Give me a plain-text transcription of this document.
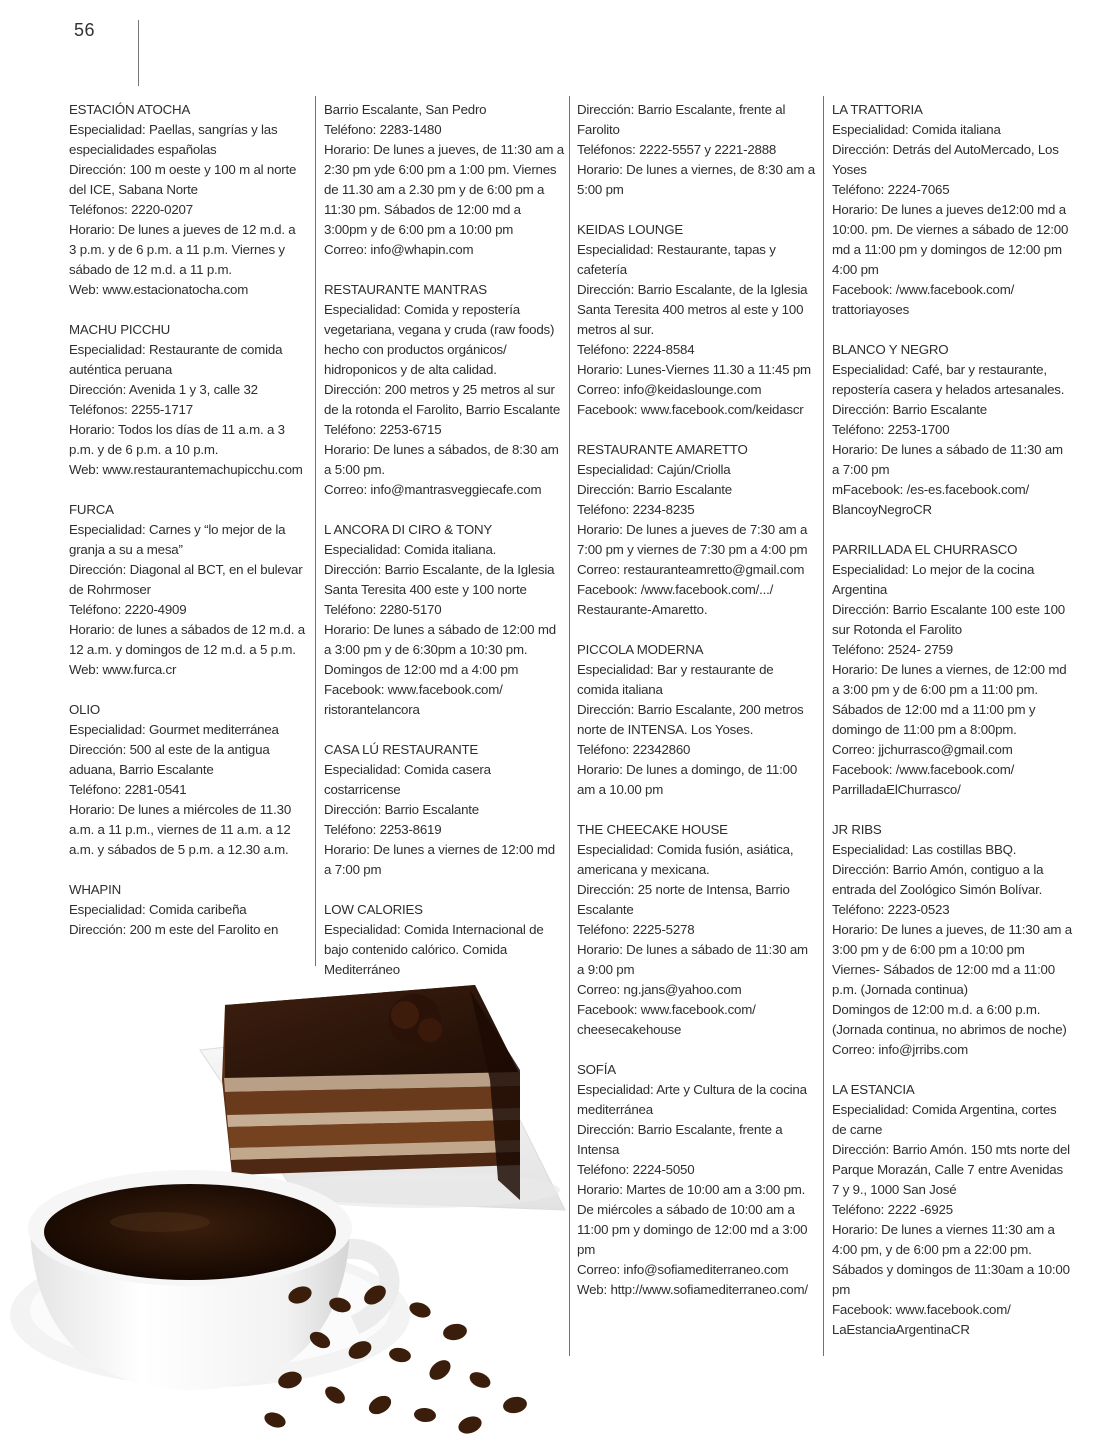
56
ESTACIÓN ATOCHA
Especialidad: Paellas, sangrías y las especialidades españolas
Dirección: 100 m oeste y 100 m al norte del ICE, Sabana Norte
Teléfonos: 2220-0207
Horario: De lunes a jueves de 12 m.d. a 3 p.m. y de 6 p.m. a 11 p.m. Viernes y sábado de 12 m.d. a 11 p.m.
Web: www.estacionatocha.com
MACHU PICCHU
Especialidad: Restaurante de comida auténtica peruana
Dirección: Avenida 1 y 3, calle 32
Teléfonos: 2255-1717
Horario: Todos los días de 11 a.m. a 3 p.m. y de 6 p.m. a 10 p.m.
Web: www.restaurantemachupicchu.com
FURCA
Especialidad: Carnes y “lo mejor de la granja a su a mesa”
Dirección: Diagonal al BCT, en el bulevar de Rohrmoser
Teléfono: 2220-4909
Horario: de lunes a sábados de 12 m.d. a 12 a.m. y domingos de 12 m.d. a 5 p.m.
Web: www.furca.cr
OLIO
Especialidad: Gourmet mediterránea
Dirección: 500 al este de la antigua aduana, Barrio Escalante
Teléfono: 2281-0541
Horario: De lunes a miércoles de 11.30 a.m. a 11 p.m., viernes de 11 a.m. a 12 a.m. y sábados de 5 p.m. a 12.30 a.m.
WHAPIN
Especialidad: Comida caribeña
Dirección: 200 m este del Farolito en
Barrio Escalante, San Pedro
Teléfono: 2283-1480
Horario: De lunes a jueves, de 11:30 am a 2:30 pm yde 6:00 pm a 1:00 pm. Viernes de 11.30 am a 2.30 pm y de 6:00 pm a 11:30 pm. Sábados de 12:00 md a 3:00pm y de 6:00 pm a 10:00 pm
Correo: info@whapin.com
RESTAURANTE MANTRAS
Especialidad: Comida y repostería vegetariana, vegana y cruda (raw foods) hecho con productos orgánicos/ hidroponicos y de alta calidad.
Dirección: 200 metros y 25 metros al sur de la rotonda el Farolito, Barrio Escalante
Teléfono: 2253-6715
Horario: De lunes a sábados, de 8:30 am a 5:00 pm.
Correo: info@mantrasveggiecafe.com
L ANCORA DI CIRO & TONY
Especialidad: Comida italiana.
Dirección: Barrio Escalante, de la Iglesia Santa Teresita 400 este y 100 norte
Teléfono: 2280-5170
Horario: De lunes a sábado de 12:00 md a 3:00 pm y de 6:30pm a 10:30 pm. Domingos de 12:00 md a 4:00 pm
Facebook: www.facebook.com/ ristorantelancora
CASA LÚ RESTAURANTE
Especialidad: Comida casera costarricense
Dirección: Barrio Escalante
Teléfono: 2253-8619
Horario: De lunes a viernes de 12:00 md a 7:00 pm
LOW CALORIES
Especialidad: Comida Internacional de bajo contenido calórico. Comida Mediterráneo
Dirección: Barrio Escalante, frente al Farolito
Teléfonos: 2222-5557 y 2221-2888
Horario: De lunes a viernes, de 8:30 am a 5:00 pm
KEIDAS LOUNGE
Especialidad: Restaurante, tapas y cafetería
Dirección: Barrio Escalante, de la Iglesia Santa Teresita 400 metros al este y 100 metros al sur.
Teléfono: 2224-8584
Horario: Lunes-Viernes 11.30 a 11:45 pm
Correo: info@keidaslounge.com
Facebook: www.facebook.com/keidascr
RESTAURANTE AMARETTO
Especialidad: Cajún/Criolla
Dirección: Barrio Escalante
Teléfono: 2234-8235
Horario: De lunes a jueves de 7:30 am a 7:00 pm y viernes de 7:30 pm a 4:00 pm
Correo: restauranteamretto@gmail.com
Facebook: /www.facebook.com/.../ Restaurante-Amaretto.
PICCOLA MODERNA
Especialidad: Bar y restaurante de comida italiana
Dirección: Barrio Escalante, 200 metros norte de INTENSA. Los Yoses.
Teléfono: 22342860
Horario: De lunes a domingo, de 11:00 am a 10.00 pm
THE CHEECAKE HOUSE
Especialidad: Comida fusión, asiática, americana y mexicana.
Dirección: 25 norte de Intensa, Barrio Escalante
Teléfono: 2225-5278
Horario: De lunes a sábado de 11:30 am a 9:00 pm
Correo: ng.jans@yahoo.com
Facebook: www.facebook.com/ cheesecakehouse
SOFÍA
Especialidad: Arte y Cultura de la cocina mediterránea
Dirección: Barrio Escalante, frente a Intensa
Teléfono: 2224-5050
Horario: Martes de 10:00 am a 3:00 pm. De miércoles a sábado de 10:00 am a 11:00 pm y domingo de 12:00 md a 3:00 pm
Correo: info@sofiamediterraneo.com
Web: http://www.sofiamediterraneo.com/
LA TRATTORIA
Especialidad: Comida italiana
Dirección: Detrás del AutoMercado, Los Yoses
Teléfono: 2224-7065
Horario: De lunes a jueves de12:00 md a 10:00. pm. De viernes a sábado de 12:00 md a 11:00 pm y domingos de 12:00 pm 4:00 pm
Facebook: /www.facebook.com/ trattoriayoses
BLANCO Y NEGRO
Especialidad: Café, bar y restaurante, repostería casera y helados artesanales.
Dirección: Barrio Escalante
Teléfono: 2253-1700
Horario: De lunes a sábado de 11:30 am a 7:00 pm
mFacebook: /es-es.facebook.com/ BlancoyNegroCR
PARRILLADA EL CHURRASCO
Especialidad: Lo mejor de la cocina Argentina
Dirección: Barrio Escalante 100 este 100 sur Rotonda el Farolito
Teléfono: 2524- 2759
Horario: De lunes a viernes, de 12:00 md a 3:00 pm y de 6:00 pm a 11:00 pm. Sábados de 12:00 md a 11:00 pm y domingo de 11:00 pm a 8:00pm.
Correo: jjchurrasco@gmail.com
Facebook: /www.facebook.com/ ParrilladaElChurrasco/
JR RIBS
Especialidad: Las costillas BBQ.
Dirección: Barrio Amón, contiguo a la entrada del Zoológico Simón Bolívar.
Teléfono: 2223-0523
Horario: De lunes a jueves, de 11:30 am a 3:00 pm y de 6:00 pm a 10:00 pm Viernes- Sábados de 12:00 md a 11:00 p.m. (Jornada continua)
Domingos de 12:00 m.d. a 6:00 p.m. (Jornada continua, no abrimos de noche)
Correo: info@jrribs.com
LA ESTANCIA
Especialidad: Comida Argentina, cortes de carne
Dirección: Barrio Amón. 150 mts norte del Parque Morazán, Calle 7 entre Avenidas 7 y 9., 1000 San José
Teléfono: 2222 -6925
Horario: De lunes a viernes 11:30 am a 4:00 pm, y de 6:00 pm a 22:00 pm. Sábados y domingos de 11:30am a 10:00 pm
Facebook: www.facebook.com/ LaEstanciaArgentinaCR
